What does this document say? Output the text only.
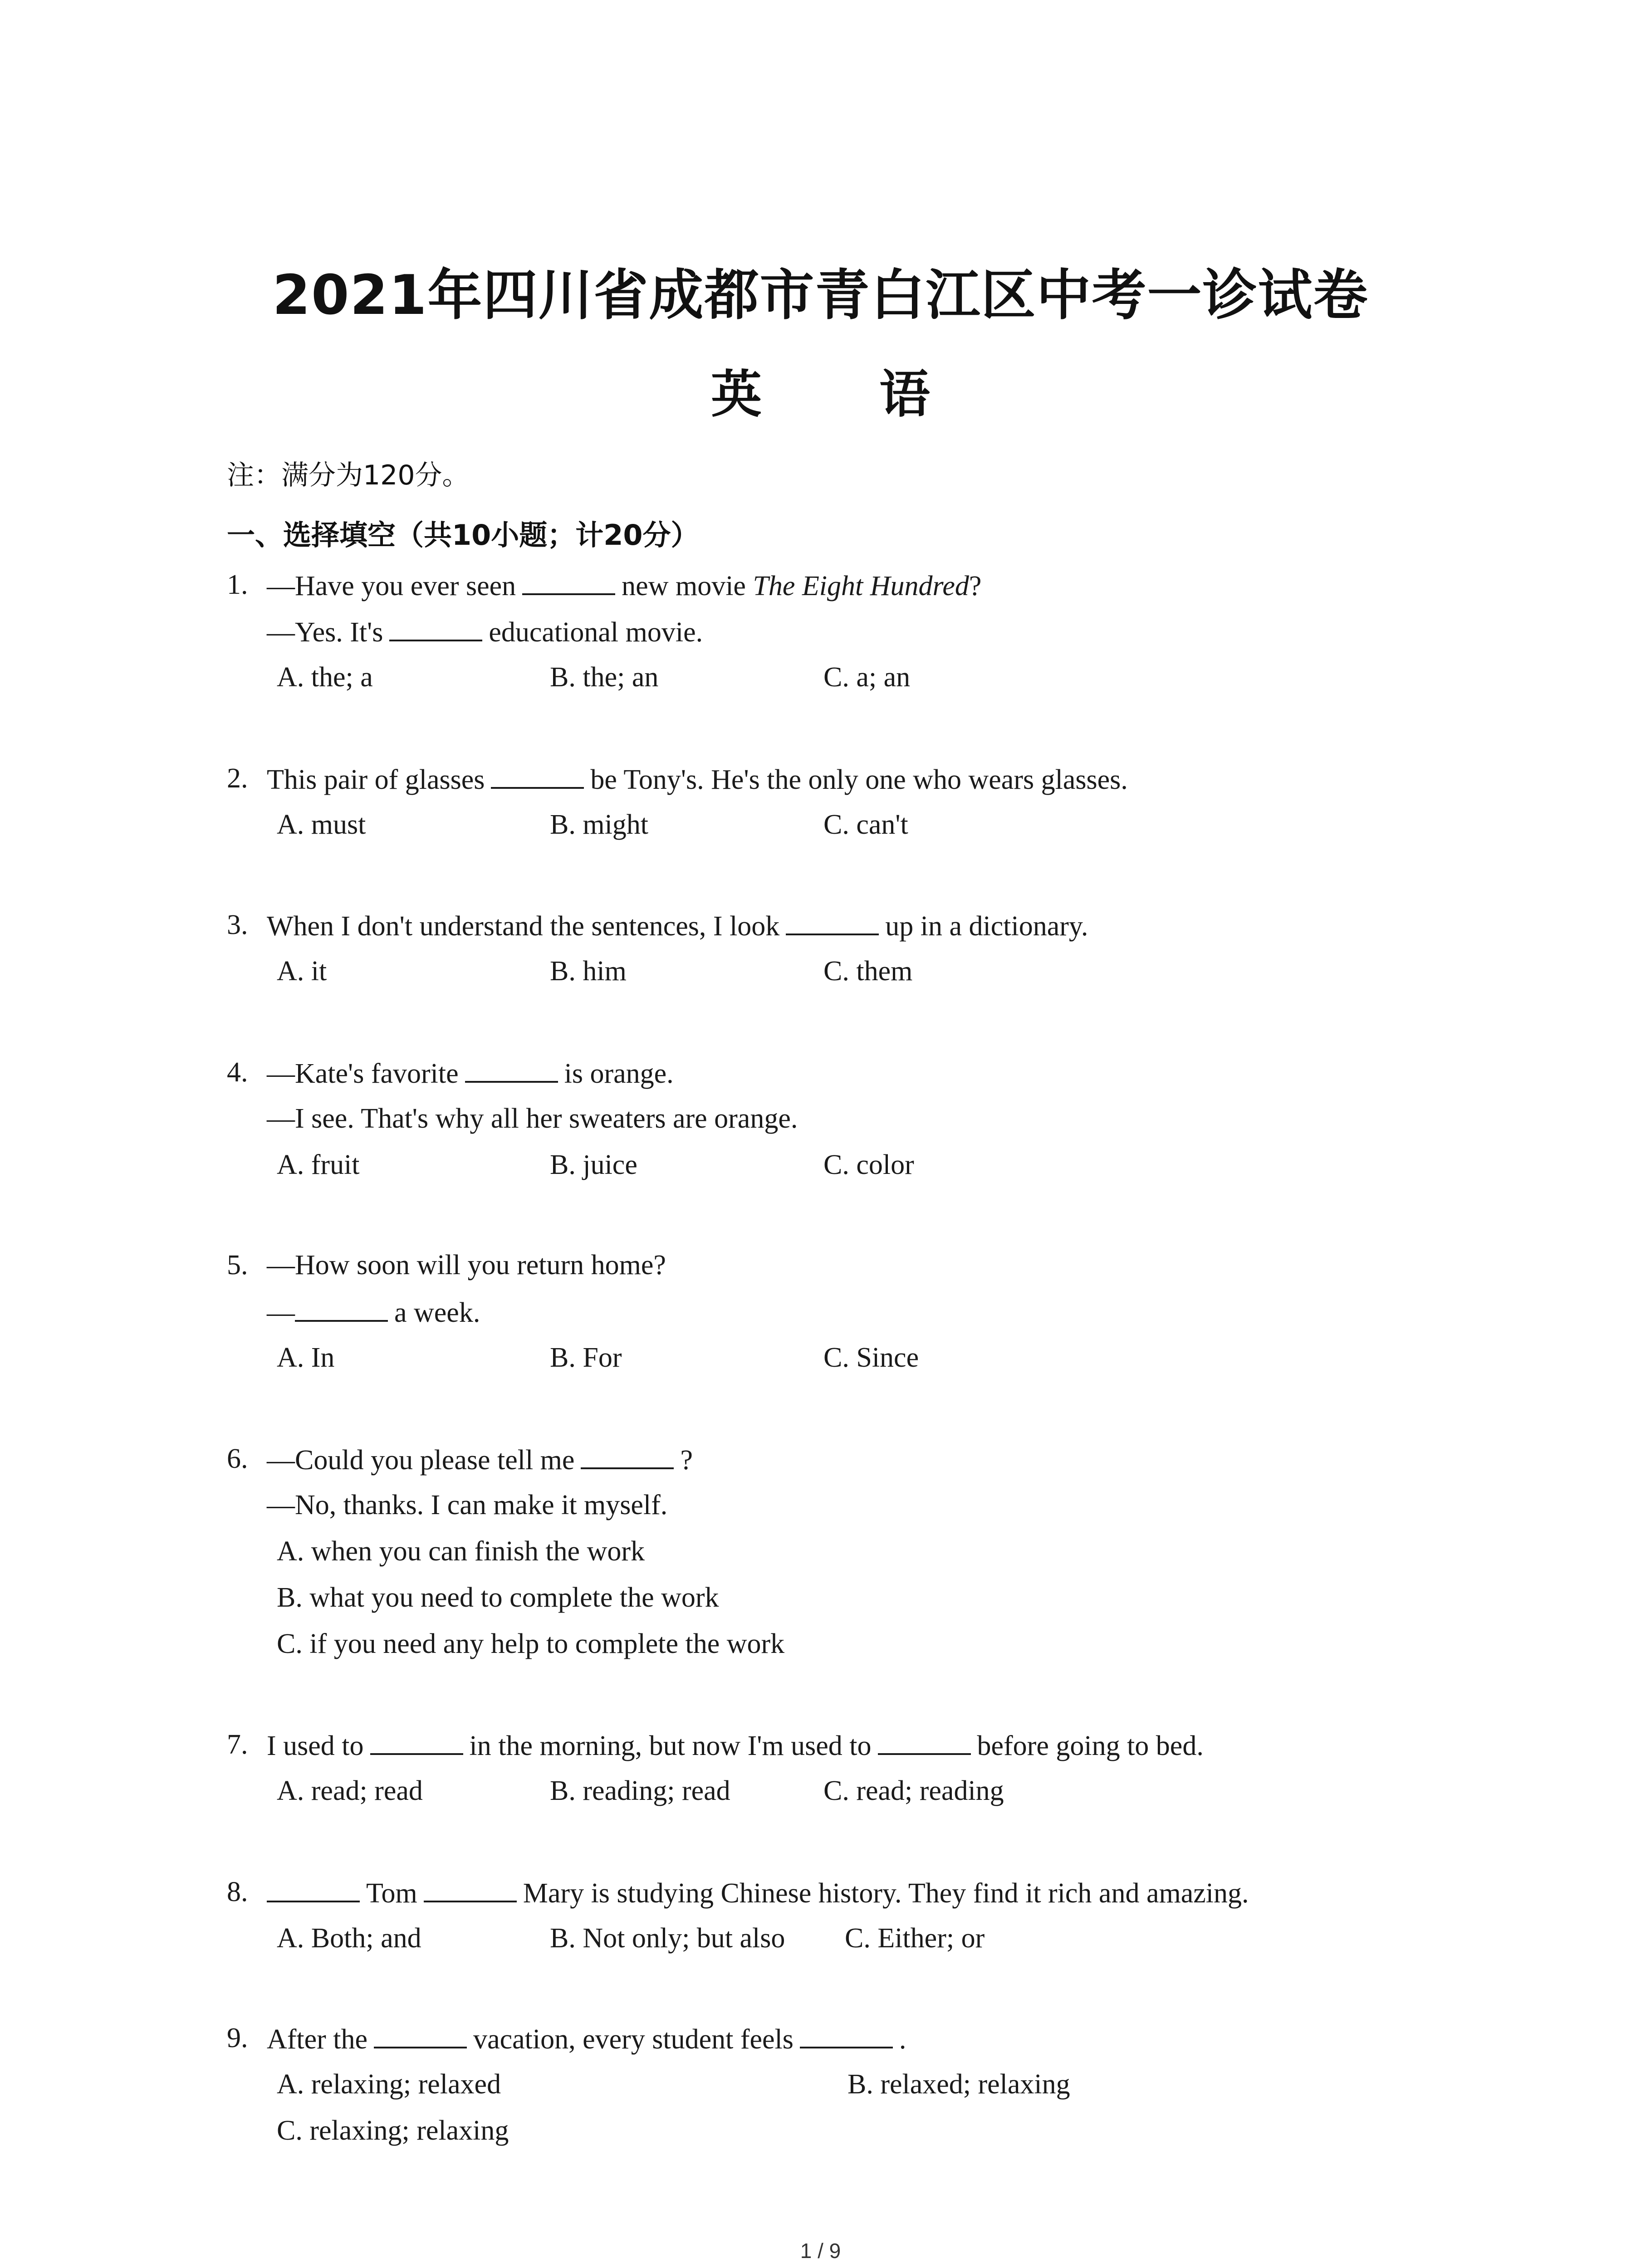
2021年四川省成都市青白江区中考一诊试卷
英 语
注：满分为120分。
一、选择填空（共10小题；计20分）
1. —Have you ever seen	new movie The Eight Hundred?
—Yes. It's	educational movie.
A. the; a	B. the; an	C. a; an
2. This pair of glasses	be Tony's. He's the only one who wears glasses.
A. must	B. might	C. can't
3. When I don't understand the sentences, I look	up in a dictionary.
A. it	B. him	C. them
4. —Kate's favorite	is orange.
—I see. That's why all her sweaters are orange.
A. fruit	B. juice	C. color
5. —How soon will you return home?
—	a week.
A. In	B. For	C. Since
6. —Could you please tell me	?
—No, thanks. I can make it myself.
A. when you can finish the work
B. what you need to complete the work
C. if you need any help to complete the work
7. I used to	in the morning, but now I'm used to	before going to bed.
A. read; read	B. reading; read	C. read; reading
8.	Tom	Mary is studying Chinese history. They find it rich and amazing.
A. Both; and	B. Not only; but also C. Either; or
9. After the	vacation, every student feels	.
A. relaxing; relaxed	B. relaxed; relaxing
C. relaxing; relaxing
1 / 9
